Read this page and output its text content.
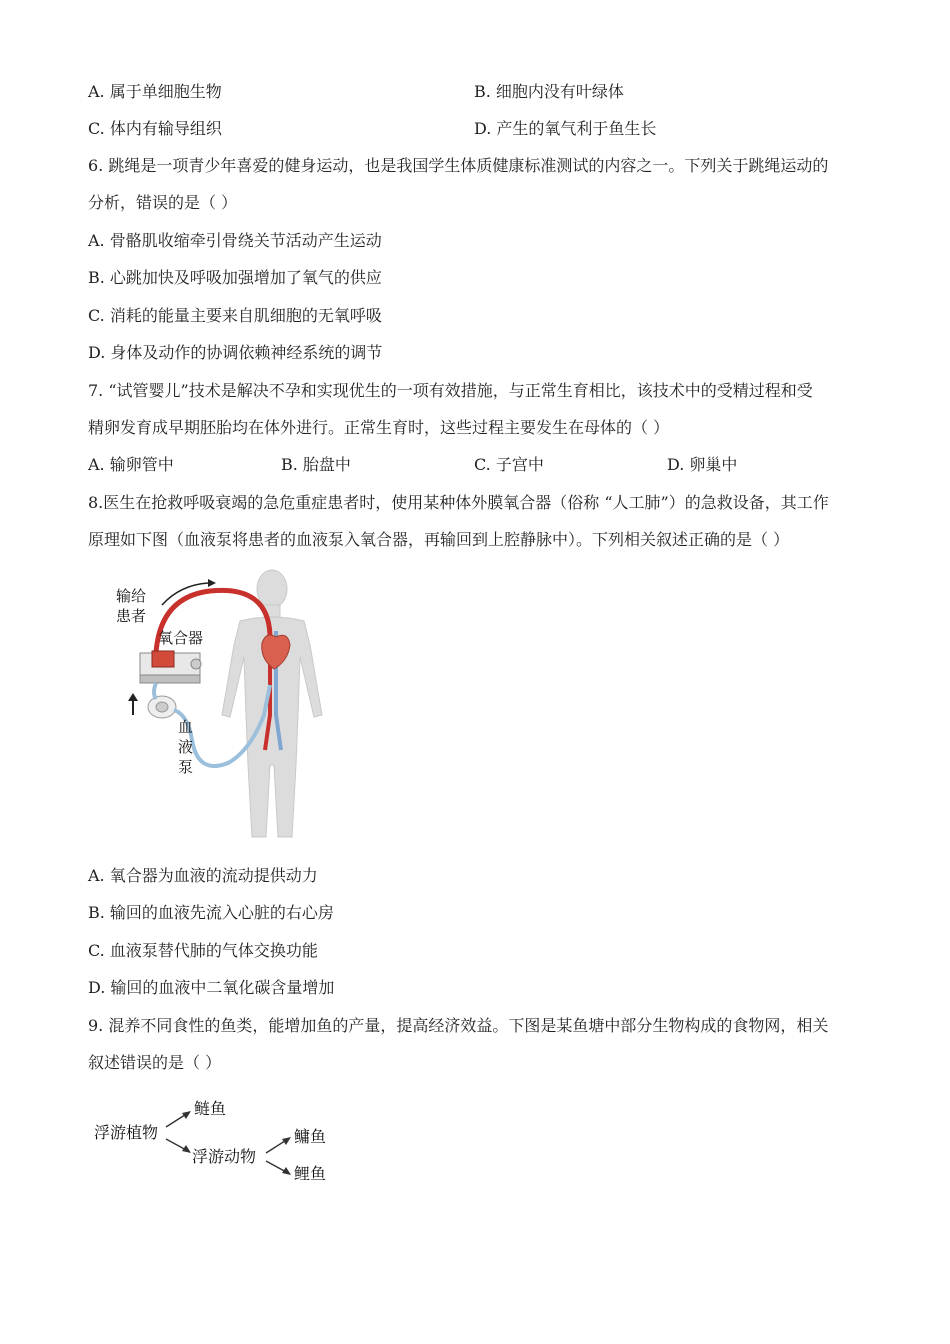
A. 属于单细胞生物	B. 细胞内没有叶绿体
C. 体内有输导组织	D. 产生的氧气利于鱼生长
6. 跳绳是一项青少年喜爱的健身运动，也是我国学生体质健康标准测试的内容之一。下列关于跳绳运动的
分析，错误的是（ ）
A. 骨骼肌收缩牵引骨绕关节活动产生运动
B. 心跳加快及呼吸加强增加了氧气的供应
C. 消耗的能量主要来自肌细胞的无氧呼吸
D. 身体及动作的协调依赖神经系统的调节
7. “试管婴儿”技术是解决不孕和实现优生的一项有效措施，与正常生育相比，该技术中的受精过程和受
精卵发育成早期胚胎均在体外进行。正常生育时，这些过程主要发生在母体的（ ）
A. 输卵管中	B. 胎盘中	C. 子宫中	D. 卵巢中
8.医生在抢救呼吸衰竭的急危重症患者时，使用某种体外膜氧合器（俗称 “人工肺”）的急救设备，其工作
原理如下图（血液泵将患者的血液泵入氧合器，再输回到上腔静脉中）。下列相关叙述正确的是（ ）
输给
患者
氧合器
血
液
泵
A. 氧合器为血液的流动提供动力
B. 输回的血液先流入心脏的右心房
C. 血液泵替代肺的气体交换功能
D. 输回的血液中二氧化碳含量增加
9. 混养不同食性的鱼类，能增加鱼的产量，提高经济效益。下图是某鱼塘中部分生物构成的食物网，相关
叙述错误的是（ ）
浮游植物
鲢鱼
浮游动物
鳙鱼
鲤鱼
